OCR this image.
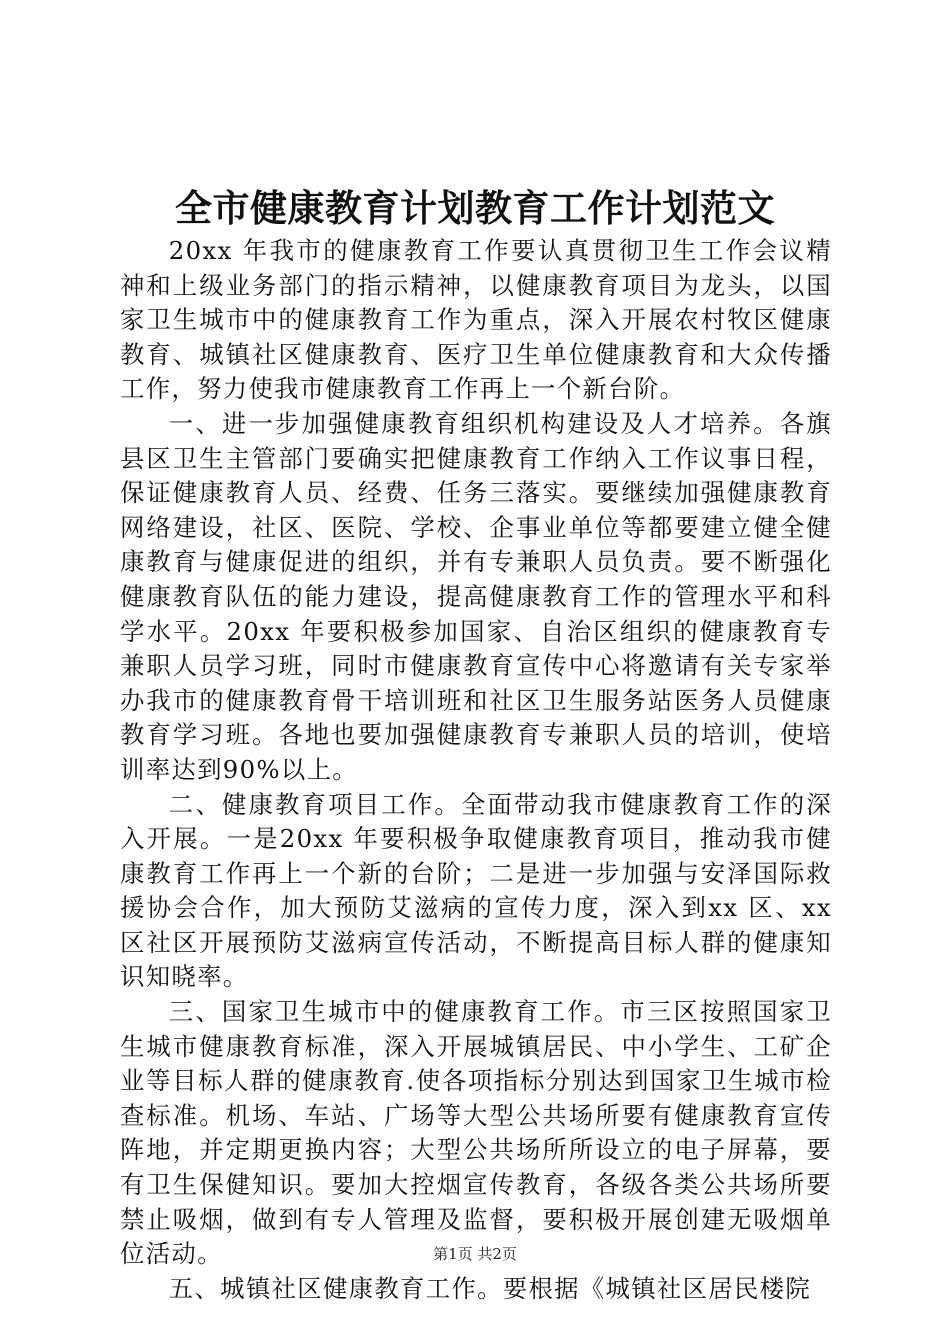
全市健康教育计划教育工作计划范文

20xx 年我市的健康教育工作要认真贯彻卫生工作会议精神和上级业务部门的指示精神，以健康教育项目为龙头，以国家卫生城市中的健康教育工作为重点，深入开展农村牧区健康教育、城镇社区健康教育、医疗卫生单位健康教育和大众传播工作，努力使我市健康教育工作再上一个新台阶。

一、进一步加强健康教育组织机构建设及人才培养。各旗县区卫生主管部门要确实把健康教育工作纳入工作议事日程，保证健康教育人员、经费、任务三落实。要继续加强健康教育网络建设，社区、医院、学校、企事业单位等都要建立健全健康教育与健康促进的组织，并有专兼职人员负责。要不断强化健康教育队伍的能力建设，提高健康教育工作的管理水平和科学水平。20xx 年要积极参加国家、自治区组织的健康教育专兼职人员学习班，同时市健康教育宣传中心将邀请有关专家举办我市的健康教育骨干培训班和社区卫生服务站医务人员健康教育学习班。各地也要加强健康教育专兼职人员的培训，使培训率达到90%以上。

二、健康教育项目工作。全面带动我市健康教育工作的深入开展。一是20xx 年要积极争取健康教育项目，推动我市健康教育工作再上一个新的台阶；二是进一步加强与安泽国际救援协会合作，加大预防艾滋病的宣传力度，深入到xx 区、xx 区社区开展预防艾滋病宣传活动，不断提高目标人群的健康知识知晓率。

三、国家卫生城市中的健康教育工作。市三区按照国家卫生城市健康教育标准，深入开展城镇居民、中小学生、工矿企业等目标人群的健康教育.使各项指标分别达到国家卫生城市检查标准。机场、车站、广场等大型公共场所要有健康教育宣传阵地，并定期更换内容；大型公共场所所设立的电子屏幕，要有卫生保健知识。要加大控烟宣传教育，各级各类公共场所要禁止吸烟，做到有专人管理及监督，要积极开展创建无吸烟单位活动。

五、城镇社区健康教育工作。要根据《城镇社区居民楼院

第1页 共2页
